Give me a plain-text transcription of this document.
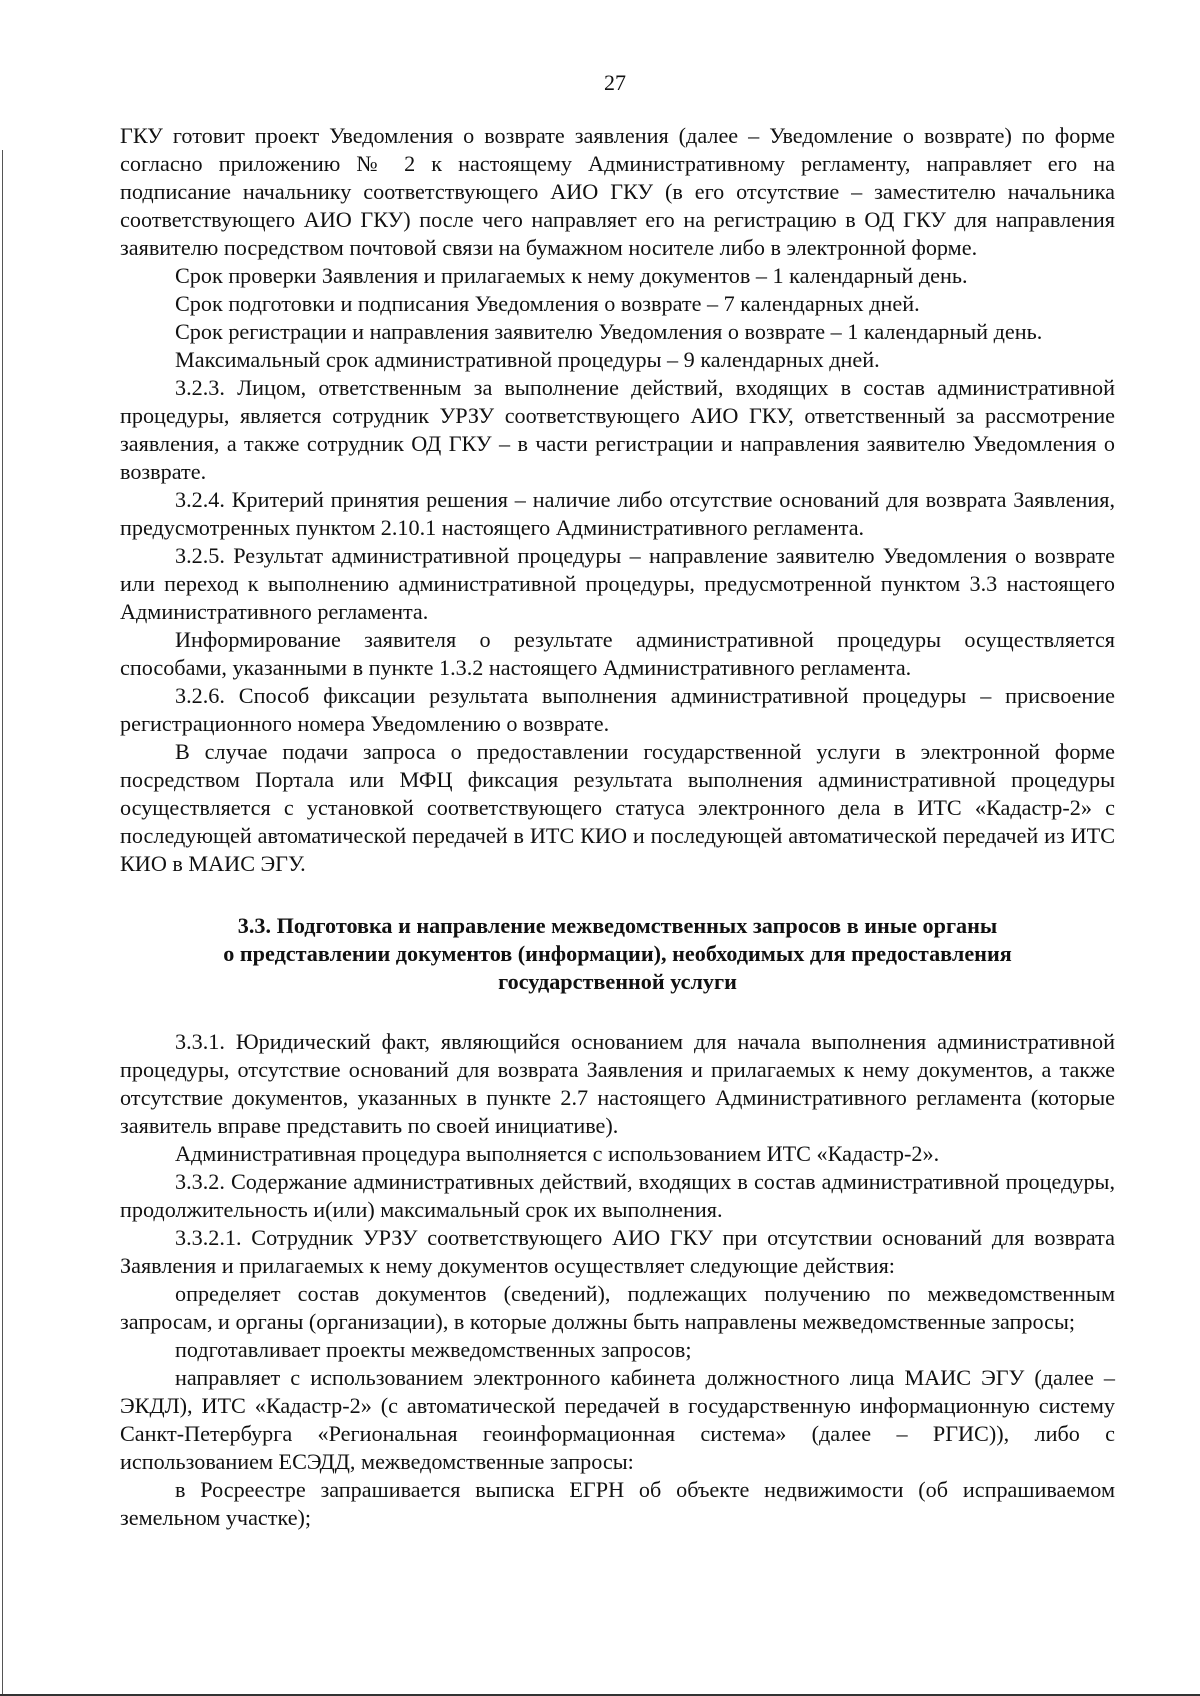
27

ГКУ готовит проект Уведомления о возврате заявления (далее – Уведомление о возврате) по форме согласно приложению № 2 к настоящему Административному регламенту, направляет его на подписание начальнику соответствующего АИО ГКУ (в его отсутствие – заместителю начальника соответствующего АИО ГКУ) после чего направляет его на регистрацию в ОД ГКУ для направления заявителю посредством почтовой связи на бумажном носителе либо в электронной форме.

Срок проверки Заявления и прилагаемых к нему документов – 1 календарный день.

Срок подготовки и подписания Уведомления о возврате – 7 календарных дней.

Срок регистрации и направления заявителю Уведомления о возврате – 1 календарный день.

Максимальный срок административной процедуры – 9 календарных дней.

3.2.3. Лицом, ответственным за выполнение действий, входящих в состав административной процедуры, является сотрудник УРЗУ соответствующего АИО ГКУ, ответственный за рассмотрение заявления, а также сотрудник ОД ГКУ – в части регистрации и направления заявителю Уведомления о возврате.

3.2.4. Критерий принятия решения – наличие либо отсутствие оснований для возврата Заявления, предусмотренных пунктом 2.10.1 настоящего Административного регламента.

3.2.5. Результат административной процедуры – направление заявителю Уведомления о возврате или переход к выполнению административной процедуры, предусмотренной пунктом 3.3 настоящего Административного регламента.

Информирование заявителя о результате административной процедуры осуществляется способами, указанными в пункте 1.3.2 настоящего Административного регламента.

3.2.6. Способ фиксации результата выполнения административной процедуры – присвоение регистрационного номера Уведомлению о возврате.

В случае подачи запроса о предоставлении государственной услуги в электронной форме посредством Портала или МФЦ фиксация результата выполнения административной процедуры осуществляется с установкой соответствующего статуса электронного дела в ИТС «Кадастр-2» с последующей автоматической передачей в ИТС КИО и последующей автоматической передачей из ИТС КИО в МАИС ЭГУ.

3.3. Подготовка и направление межведомственных запросов в иные органы
о представлении документов (информации), необходимых для предоставления
государственной услуги

3.3.1. Юридический факт, являющийся основанием для начала выполнения административной процедуры, отсутствие оснований для возврата Заявления и прилагаемых к нему документов, а также отсутствие документов, указанных в пункте 2.7 настоящего Административного регламента (которые заявитель вправе представить по своей инициативе).

Административная процедура выполняется с использованием ИТС «Кадастр-2».

3.3.2. Содержание административных действий, входящих в состав административной процедуры, продолжительность и(или) максимальный срок их выполнения.

3.3.2.1. Сотрудник УРЗУ соответствующего АИО ГКУ при отсутствии оснований для возврата Заявления и прилагаемых к нему документов осуществляет следующие действия:

определяет состав документов (сведений), подлежащих получению по межведомственным запросам, и органы (организации), в которые должны быть направлены межведомственные запросы;

подготавливает проекты межведомственных запросов;

направляет с использованием электронного кабинета должностного лица МАИС ЭГУ (далее – ЭКДЛ), ИТС «Кадастр-2» (с автоматической передачей в государственную информационную систему Санкт-Петербурга «Региональная геоинформационная система» (далее – РГИС)), либо с использованием ЕСЭДД, межведомственные запросы:

в Росреестре запрашивается выписка ЕГРН об объекте недвижимости (об испрашиваемом земельном участке);
